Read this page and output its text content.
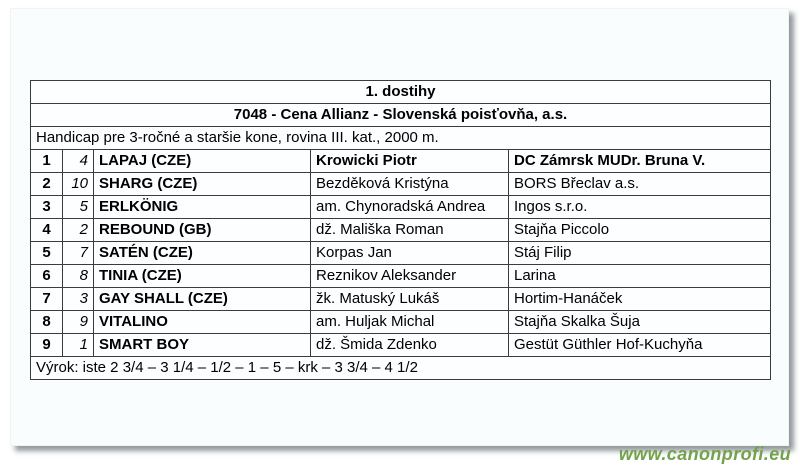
1. dostihy				
7048 - Cena Allianz - Slovenská poisťovňa, a.s.				
Handicap pre 3-ročné a staršie kone, rovina III. kat., 2000 m.				
1	4	LAPAJ (CZE)	Krowicki Piotr	DC Zámrsk MUDr. Bruna V.
2	10	SHARG (CZE)	Bezděková Kristýna	BORS Břeclav a.s.
3	5	ERLKÖNIG	am. Chynoradská Andrea	Ingos s.r.o.
4	2	REBOUND (GB)	dž. Mališka Roman	Stajňa Piccolo
5	7	SATÉN (CZE)	Korpas Jan	Stáj Filip
6	8	TINIA (CZE)	Reznikov Aleksander	Larina
7	3	GAY SHALL (CZE)	žk. Matuský Lukáš	Hortim-Hanáček
8	9	VITALINO	am. Huljak Michal	Stajňa Skalka Šuja
9	1	SMART BOY	dž. Šmida Zdenko	Gestüt Güthler Hof-Kuchyňa
Výrok: iste 2 3/4 – 3 1/4 – 1/2 – 1 – 5 – krk – 3 3/4 – 4 1/2				
www.canonprofi.eu
